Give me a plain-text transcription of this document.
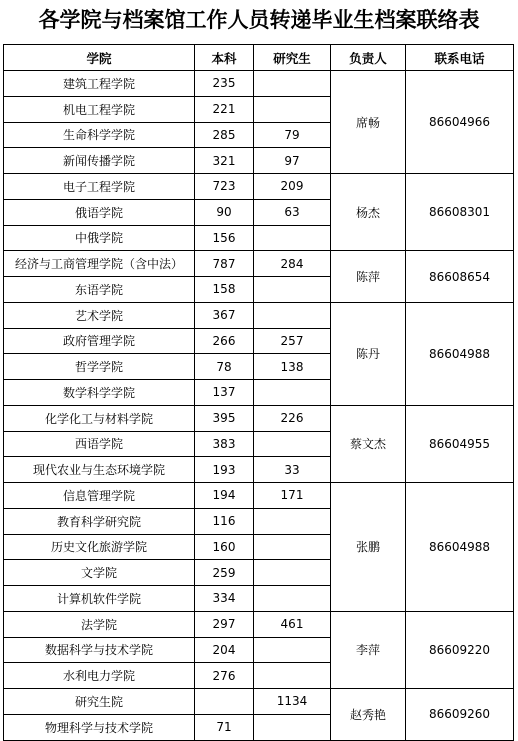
各学院与档案馆工作人员转递毕业生档案联络表
学院	本科	研究生	负责人	联系电话
建筑工程学院	235		席畅	86604966
机电工程学院	221			
生命科学学院	285	79		
新闻传播学院	321	97		
电子工程学院	723	209	杨杰	86608301
俄语学院	90	63		
中俄学院	156			
经济与工商管理学院（含中法）	787	284	陈萍	86608654
东语学院	158			
艺术学院	367		陈丹	86604988
政府管理学院	266	257		
哲学学院	78	138		
数学科学学院	137			
化学化工与材料学院	395	226	蔡文杰	86604955
西语学院	383			
现代农业与生态环境学院	193	33		
信息管理学院	194	171	张鹏	86604988
教育科学研究院	116			
历史文化旅游学院	160			
文学院	259			
计算机软件学院	334			
法学院	297	461	李萍	86609220
数据科学与技术学院	204			
水利电力学院	276			
研究生院		1134	赵秀艳	86609260
物理科学与技术学院	71			
